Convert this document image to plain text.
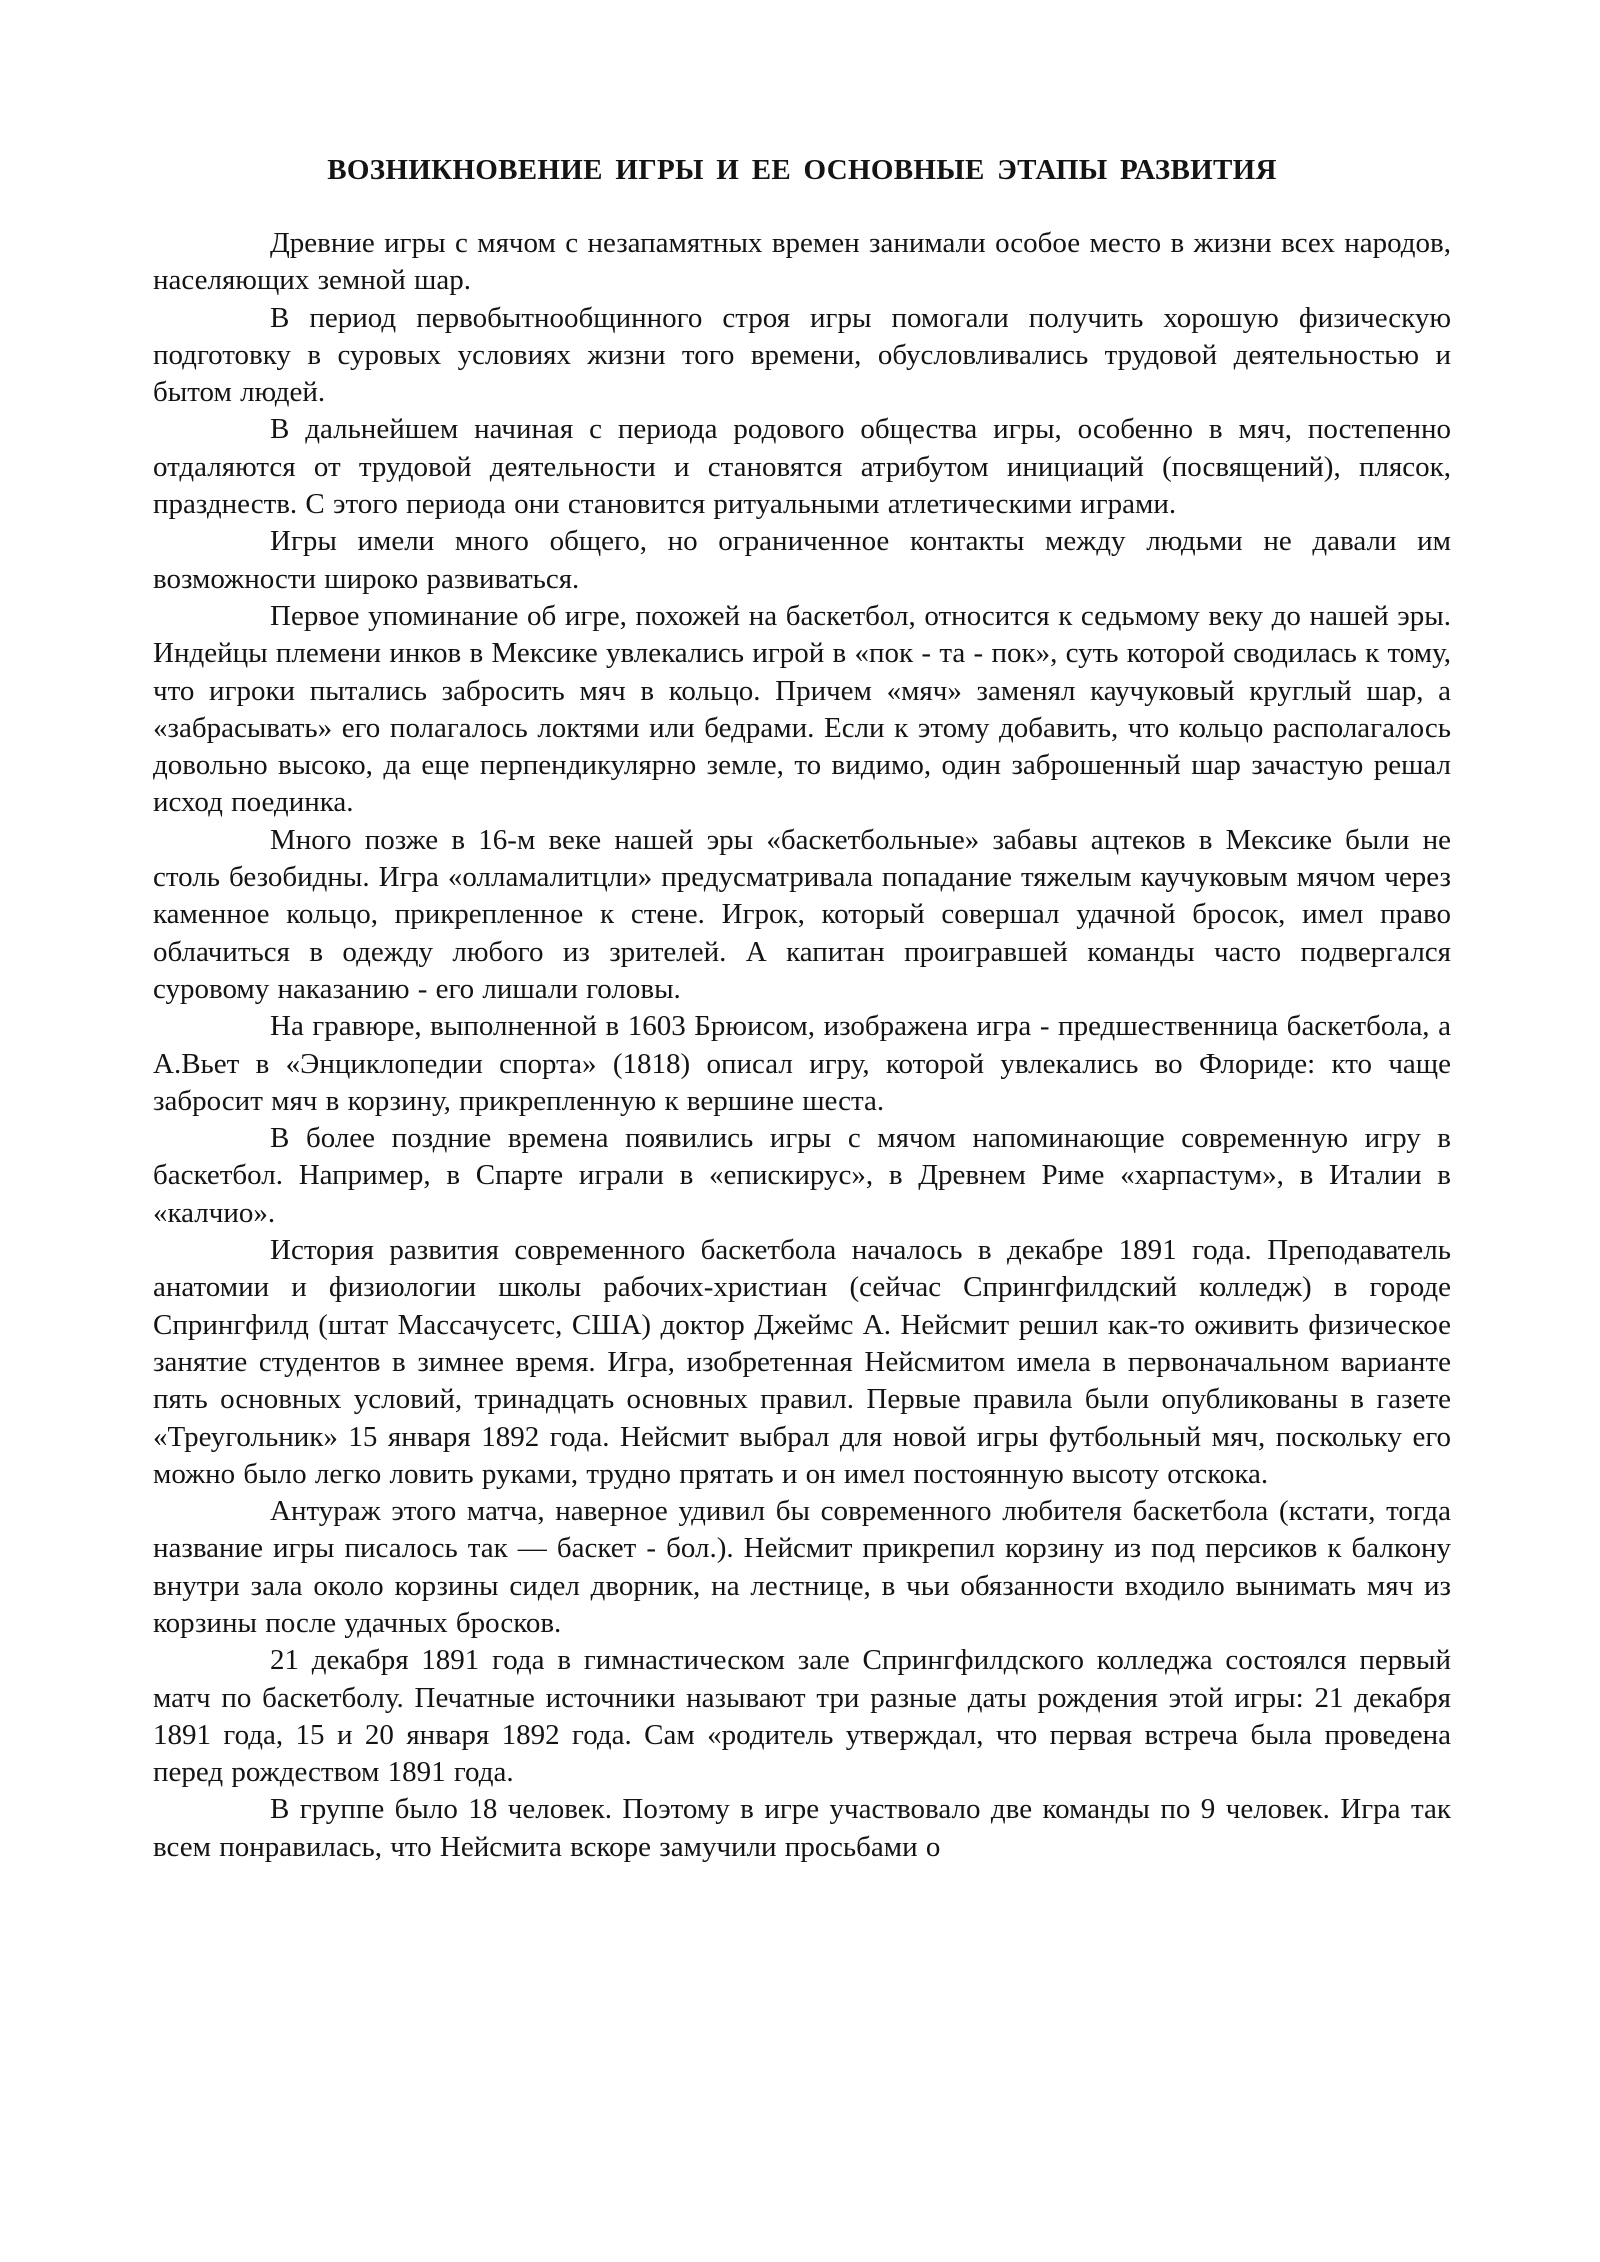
ВОЗНИКНОВЕНИЕ ИГРЫ И ЕЕ ОСНОВНЫЕ ЭТАПЫ РАЗВИТИЯ

Древние игры с мячом с незапамятных времен занимали особое место в жизни всех народов, населяющих земной шар.

В период первобытнообщинного строя игры помогали получить хорошую физическую подготовку в суровых условиях жизни того времени, обусловливались трудовой деятельностью и бытом людей.

В дальнейшем начиная с периода родового общества игры, особенно в мяч, постепенно отдаляются от трудовой деятельности и становятся атрибутом инициаций (посвящений), плясок, празднеств. С этого периода они становится ритуальными атлетическими играми.

Игры имели много общего, но ограниченное контакты между людьми не давали им возможности широко развиваться.

Первое упоминание об игре, похожей на баскетбол, относится к седьмому веку до нашей эры. Индейцы племени инков в Мексике увлекались игрой в «пок - та - пок», суть которой сводилась к тому, что игроки пытались забросить мяч в кольцо. Причем «мяч» заменял каучуковый круглый шар, а «забрасывать» его полагалось локтями или бедрами. Если к этому добавить, что кольцо располагалось довольно высоко, да еще перпендикулярно земле, то видимо, один заброшенный шар зачастую решал исход поединка.

Много позже в 16-м веке нашей эры «баскетбольные» забавы ацтеков в Мексике были не столь безобидны. Игра «олламалитцли» предусматривала попадание тяжелым каучуковым мячом через каменное кольцо, прикрепленное к стене. Игрок, который совершал удачной бросок, имел право облачиться в одежду любого из зрителей. А капитан проигравшей команды часто подвергался суровому наказанию - его лишали головы.

На гравюре, выполненной в 1603 Брюисом, изображена игра - предшественница баскетбола, а А.Вьет в «Энциклопедии спорта» (1818) описал игру, которой увлекались во Флориде: кто чаще забросит мяч в корзину, прикрепленную к вершине шеста.

В более поздние времена появились игры с мячом напоминающие современную игру в баскетбол. Например, в Спарте играли в «епискирус», в Древнем Риме «харпастум», в Италии в «калчио».

История развития современного баскетбола началось в декабре 1891 года. Преподаватель анатомии и физиологии школы рабочих-христиан (сейчас Спрингфилдский колледж) в городе Спрингфилд (штат Массачусетс, США) доктор Джеймс А. Нейсмит решил как-то оживить физическое занятие студентов в зимнее время. Игра, изобретенная Нейсмитом имела в первоначальном варианте пять основных условий, тринадцать основных правил. Первые правила были опубликованы в газете «Треугольник» 15 января 1892 года. Нейсмит выбрал для новой игры футбольный мяч, поскольку его можно было легко ловить руками, трудно прятать и он имел постоянную высоту отскока.

Антураж этого матча, наверное удивил бы современного любителя баскетбола (кстати, тогда название игры писалось так — баскет - бол.). Нейсмит прикрепил корзину из под персиков к балкону внутри зала около корзины сидел дворник, на лестнице, в чьи обязанности входило вынимать мяч из корзины после удачных бросков.

21 декабря 1891 года в гимнастическом зале Спрингфилдского колледжа состоялся первый матч по баскетболу. Печатные источники называют три разные даты рождения этой игры: 21 декабря 1891 года, 15 и 20 января 1892 года. Сам «родитель утверждал, что первая встреча была проведена перед рождеством 1891 года.

В группе было 18 человек. Поэтому в игре участвовало две команды по 9 человек. Игра так всем понравилась, что Нейсмита вскоре замучили просьбами о
